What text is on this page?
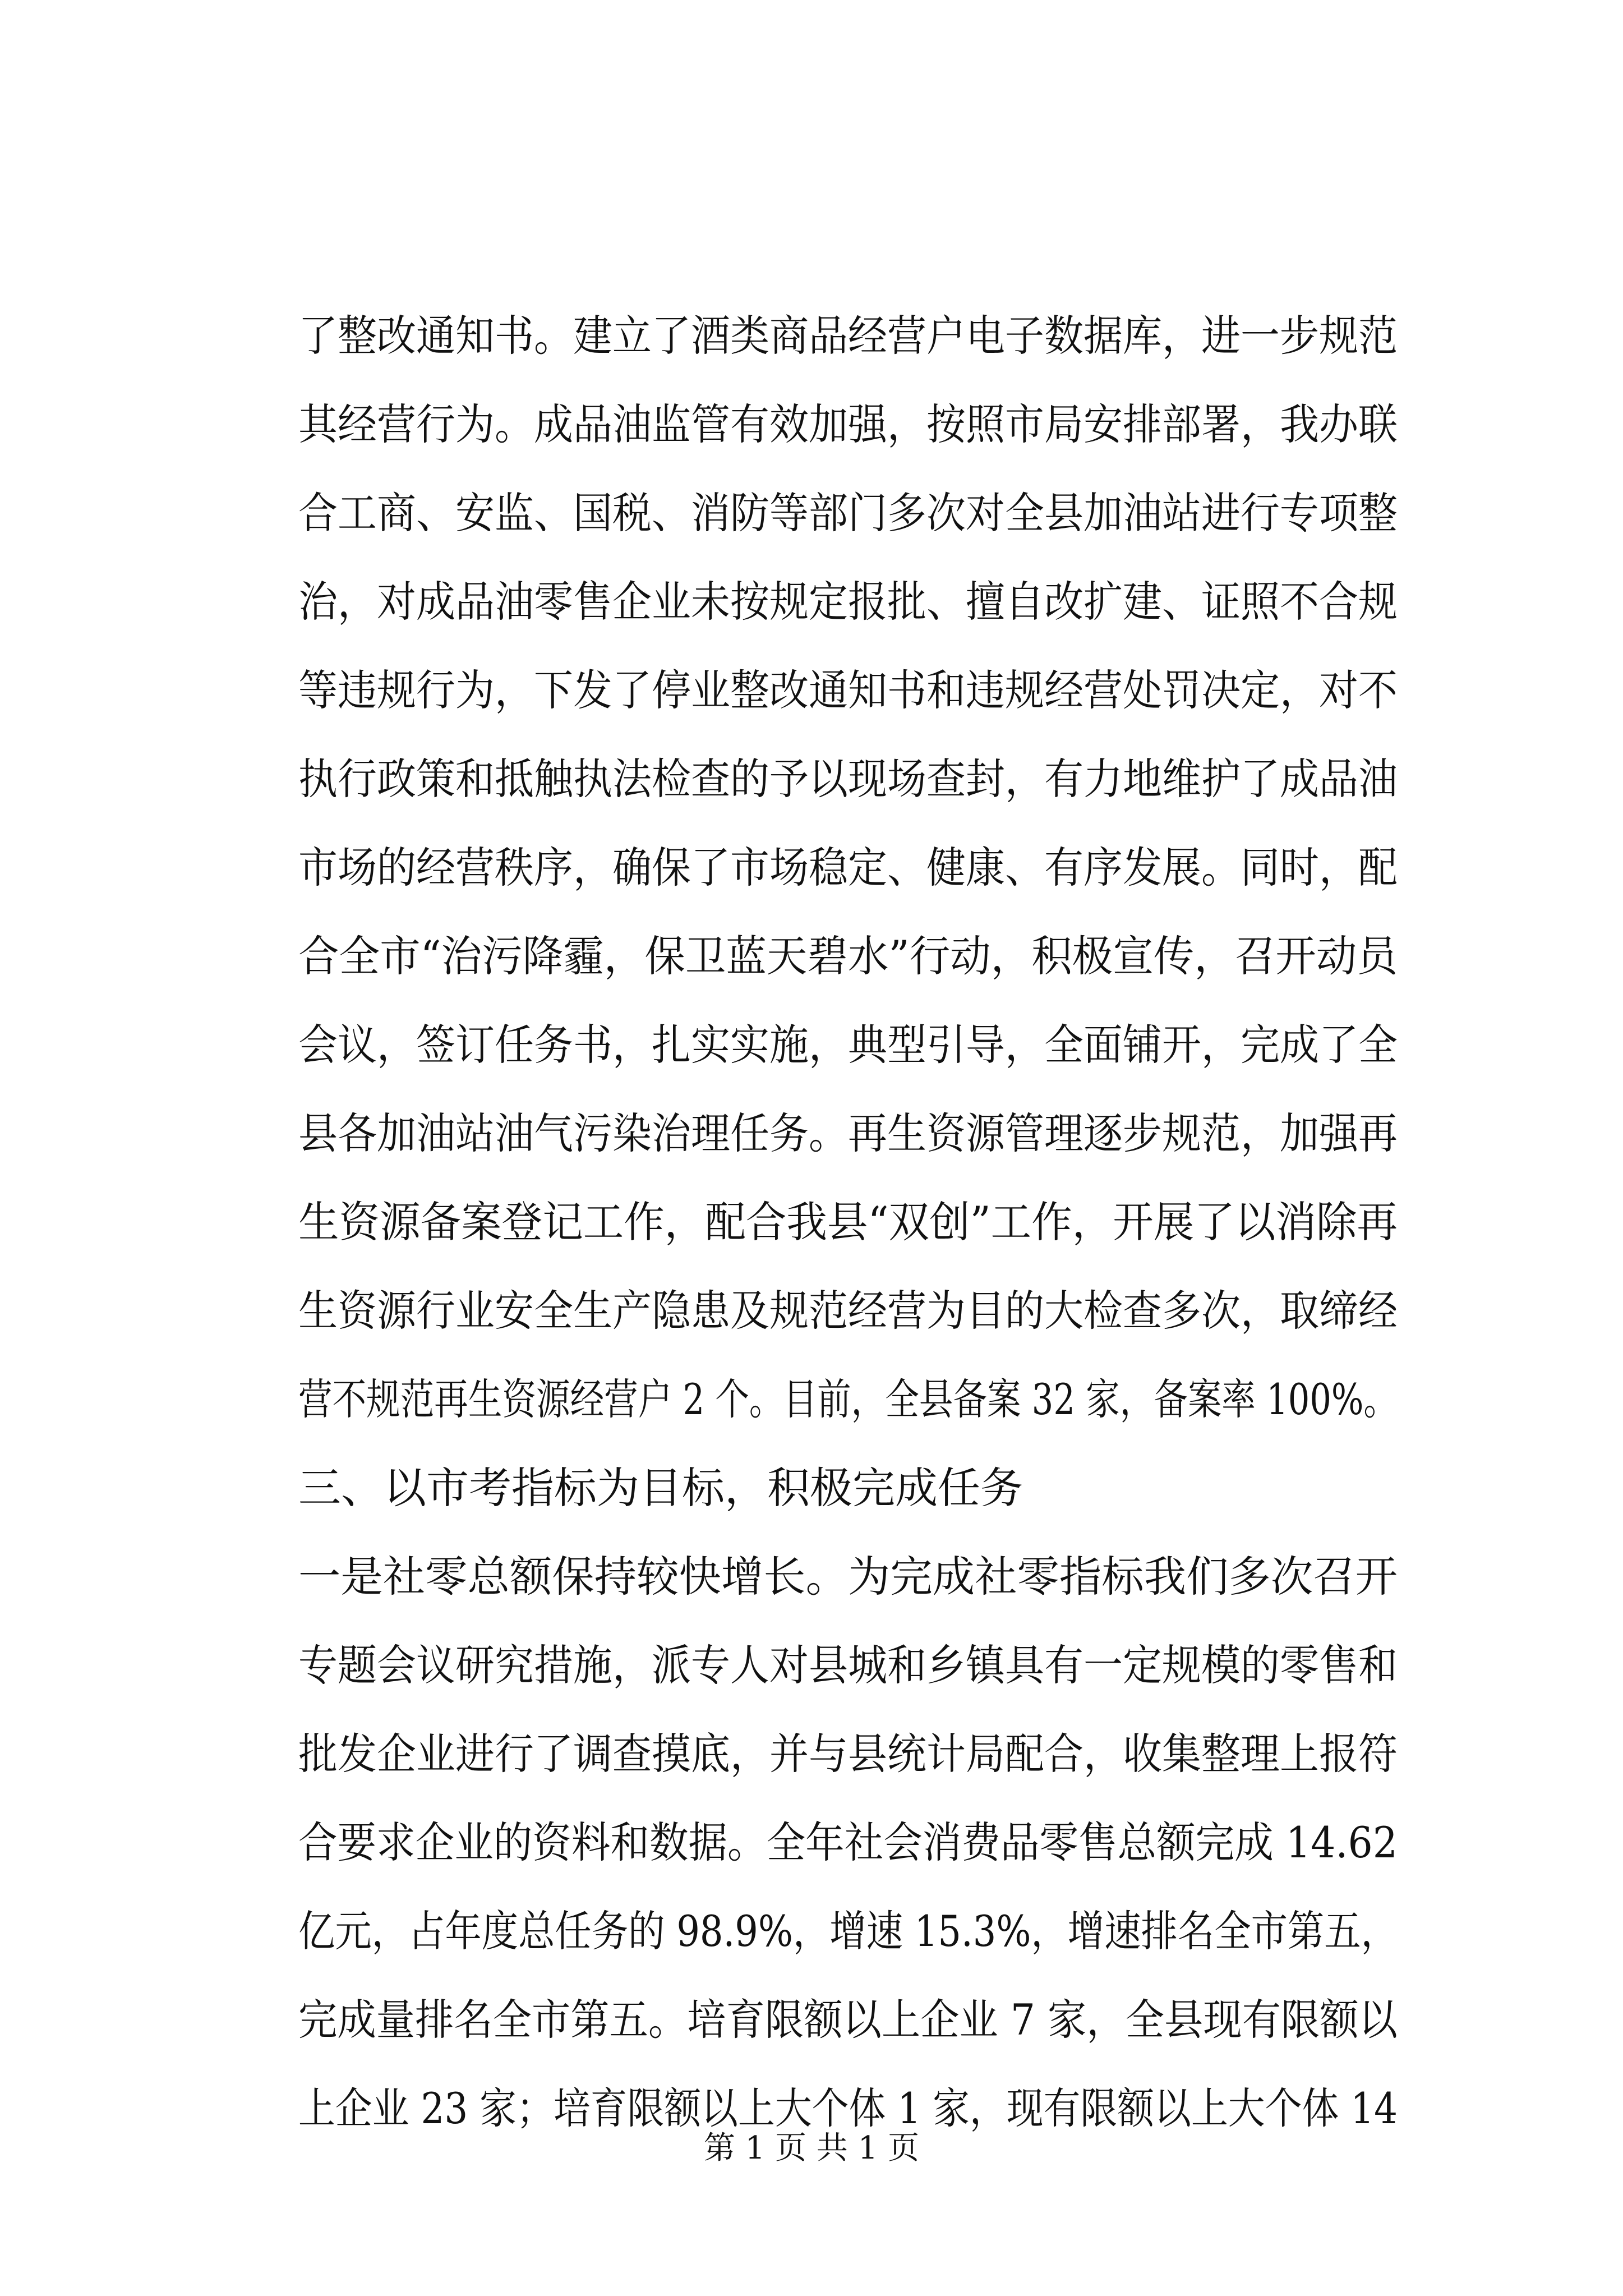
了整改通知书。建立了酒类商品经营户电子数据库，进一步规范
其经营行为。成品油监管有效加强，按照市局安排部署，我办联
合工商、安监、国税、消防等部门多次对全县加油站进行专项整
治，对成品油零售企业未按规定报批、擅自改扩建、证照不合规
等违规行为，下发了停业整改通知书和违规经营处罚决定，对不
执行政策和抵触执法检查的予以现场查封，有力地维护了成品油
市场的经营秩序，确保了市场稳定、健康、有序发展。同时，配
合全市“治污降霾，保卫蓝天碧水”行动，积极宣传，召开动员
会议，签订任务书，扎实实施，典型引导，全面铺开，完成了全
县各加油站油气污染治理任务。再生资源管理逐步规范，加强再
生资源备案登记工作，配合我县“双创”工作，开展了以消除再
生资源行业安全生产隐患及规范经营为目的大检查多次，取缔经
营不规范再生资源经营户 2 个。目前，全县备案 32 家，备案率 100%。
三、以市考指标为目标，积极完成任务
一是社零总额保持较快增长。为完成社零指标我们多次召开
专题会议研究措施，派专人对县城和乡镇具有一定规模的零售和
批发企业进行了调查摸底，并与县统计局配合，收集整理上报符
合要求企业的资料和数据。全年社会消费品零售总额完成 14.62
亿元，占年度总任务的 98.9%，增速 15.3%，增速排名全市第五，
完成量排名全市第五。培育限额以上企业 7 家，全县现有限额以
上企业 23 家；培育限额以上大个体 1 家，现有限额以上大个体 14
第 1 页 共 1 页
